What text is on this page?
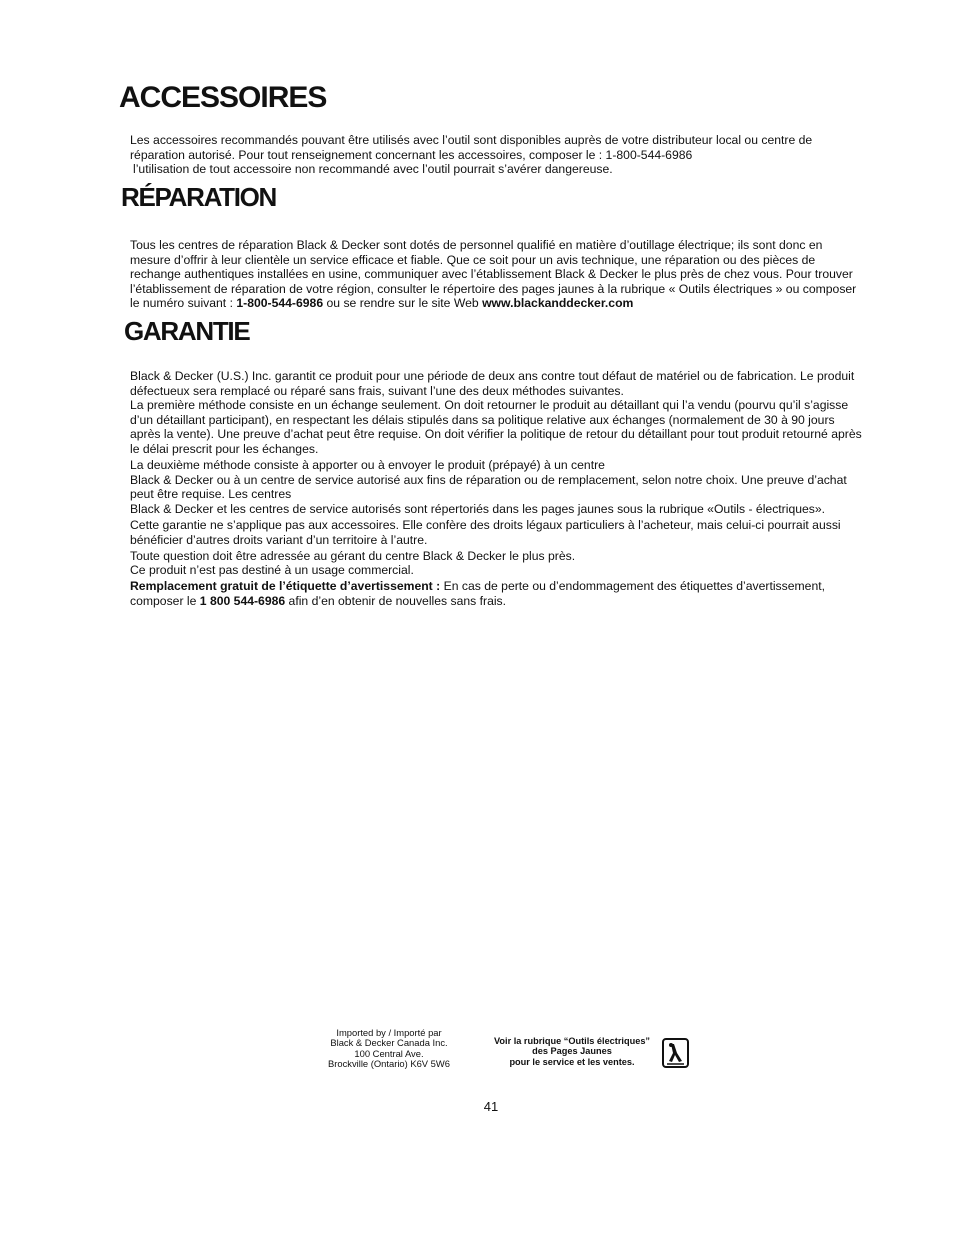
ACCESSOIRES

Les accessoires recommandés pouvant être utilisés avec l’outil sont disponibles auprès de votre distributeur local ou centre de réparation autorisé. Pour tout renseignement concernant les accessoires, composer le : 1-800-544-6986

l’utilisation de tout accessoire non recommandé avec l’outil pourrait s’avérer dangereuse.

RÉPARATION

Tous les centres de réparation Black & Decker sont dotés de personnel qualifié en matière d’outillage électrique; ils sont donc en mesure d’offrir à leur clientèle un service efficace et fiable. Que ce soit pour un avis technique, une réparation ou des pièces de rechange authentiques installées en usine, communiquer avec l’établissement Black & Decker le plus près de chez vous. Pour trouver l’établissement de réparation de votre région, consulter le répertoire des pages jaunes à la rubrique « Outils électriques » ou composer le numéro suivant : 1-800-544-6986 ou se rendre sur le site Web www.blackanddecker.com

GARANTIE

Black & Decker (U.S.) Inc. garantit ce produit pour une période de deux ans contre tout défaut de matériel ou de fabrication. Le produit défectueux sera remplacé ou réparé sans frais, suivant l’une des deux méthodes suivantes.

La première méthode consiste en un échange seulement. On doit retourner le produit au détaillant qui l’a vendu (pourvu qu’il s’agisse d’un détaillant participant), en respectant les délais stipulés dans sa politique relative aux échanges (normalement de 30 à 90 jours après la vente). Une preuve d’achat peut être requise. On doit vérifier la politique de retour du détaillant pour tout produit retourné après le délai prescrit pour les échanges.

La deuxième méthode consiste à apporter ou à envoyer le produit (prépayé) à un centre

Black & Decker ou à un centre de service autorisé aux fins de réparation ou de remplacement, selon notre choix. Une preuve d’achat peut être requise. Les centres

Black & Decker et les centres de service autorisés sont répertoriés dans les pages jaunes sous la rubrique «Outils - électriques».

Cette garantie ne s’applique pas aux accessoires. Elle confère des droits légaux particuliers à l’acheteur, mais celui-ci pourrait aussi bénéficier d’autres droits variant d’un territoire à l’autre.

Toute question doit être adressée au gérant du centre Black & Decker le plus près.

Ce produit n’est pas destiné à un usage commercial.

Remplacement gratuit de l’étiquette d’avertissement : En cas de perte ou d’endommagement des étiquettes d’avertissement, composer le 1 800 544-6986 afin d’en obtenir de nouvelles sans frais.

Imported by / Importé par
Black & Decker Canada Inc.
100 Central Ave.
Brockville (Ontario) K6V 5W6
Voir la rubrique “Outils électriques”
des Pages Jaunes
pour le service et les ventes.
41
